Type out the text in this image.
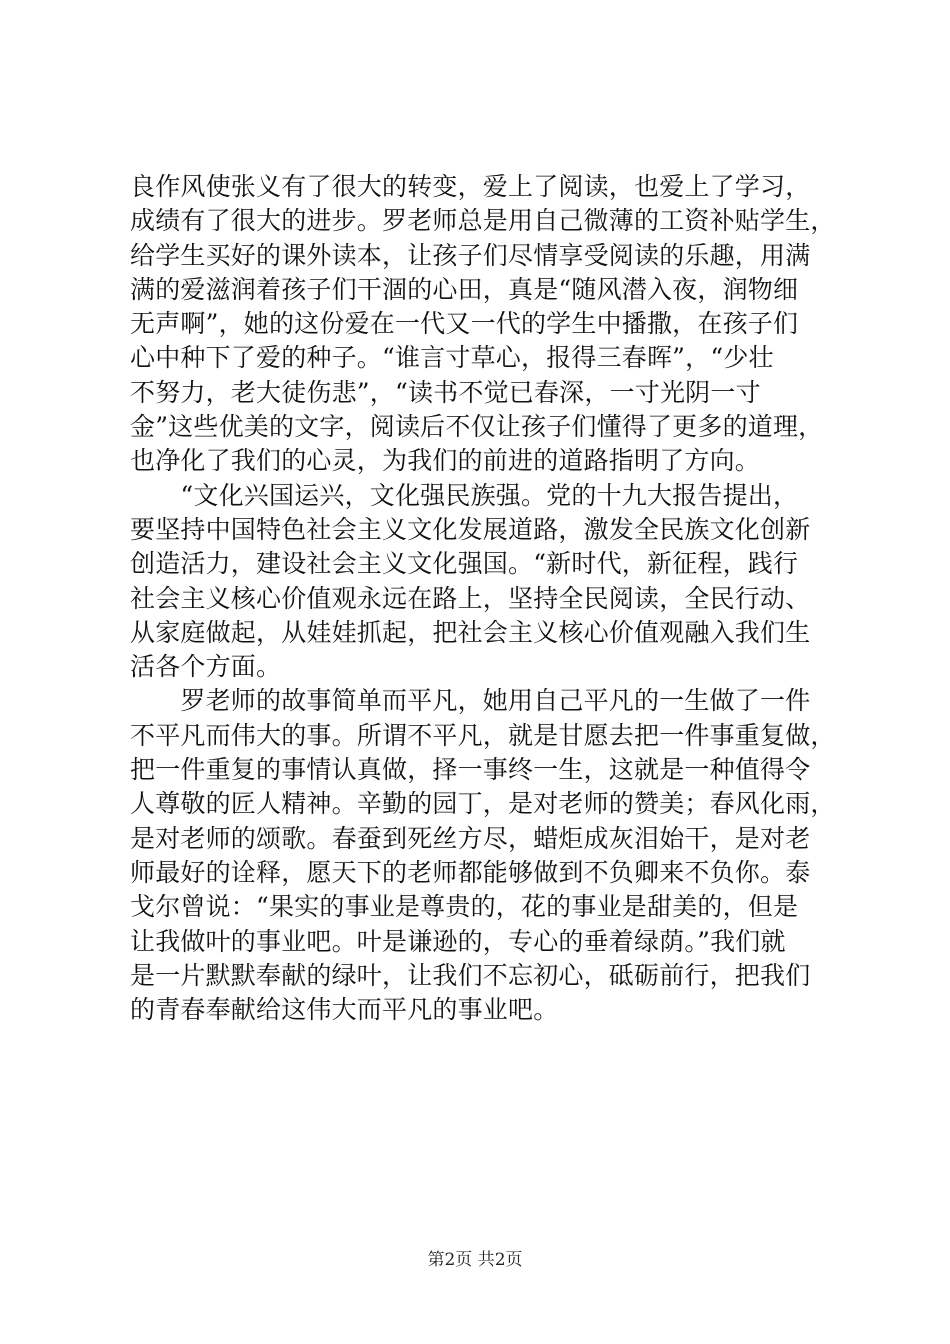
良作风使张义有了很大的转变，爱上了阅读，也爱上了学习，
成绩有了很大的进步。罗老师总是用自己微薄的工资补贴学生，
给学生买好的课外读本，让孩子们尽情享受阅读的乐趣，用满
满的爱滋润着孩子们干涸的心田，真是“随风潜入夜，润物细
无声啊”，她的这份爱在一代又一代的学生中播撒，在孩子们
心中种下了爱的种子。“谁言寸草心，报得三春晖”，“少壮
不努力，老大徒伤悲”，“读书不觉已春深，一寸光阴一寸
金”这些优美的文字，阅读后不仅让孩子们懂得了更多的道理，
也净化了我们的心灵，为我们的前进的道路指明了方向。
　　“文化兴国运兴，文化强民族强。党的十九大报告提出，
要坚持中国特色社会主义文化发展道路，激发全民族文化创新
创造活力，建设社会主义文化强国。“新时代，新征程，践行
社会主义核心价值观永远在路上，坚持全民阅读，全民行动、
从家庭做起，从娃娃抓起，把社会主义核心价值观融入我们生
活各个方面。
　　罗老师的故事简单而平凡，她用自己平凡的一生做了一件
不平凡而伟大的事。所谓不平凡，就是甘愿去把一件事重复做，
把一件重复的事情认真做，择一事终一生，这就是一种值得令
人尊敬的匠人精神。辛勤的园丁，是对老师的赞美；春风化雨，
是对老师的颂歌。春蚕到死丝方尽，蜡炬成灰泪始干，是对老
师最好的诠释，愿天下的老师都能够做到不负卿来不负你。泰
戈尔曾说：“果实的事业是尊贵的，花的事业是甜美的，但是
让我做叶的事业吧。叶是谦逊的，专心的垂着绿荫。”我们就
是一片默默奉献的绿叶，让我们不忘初心，砥砺前行，把我们
的青春奉献给这伟大而平凡的事业吧。
第2页 共2页
